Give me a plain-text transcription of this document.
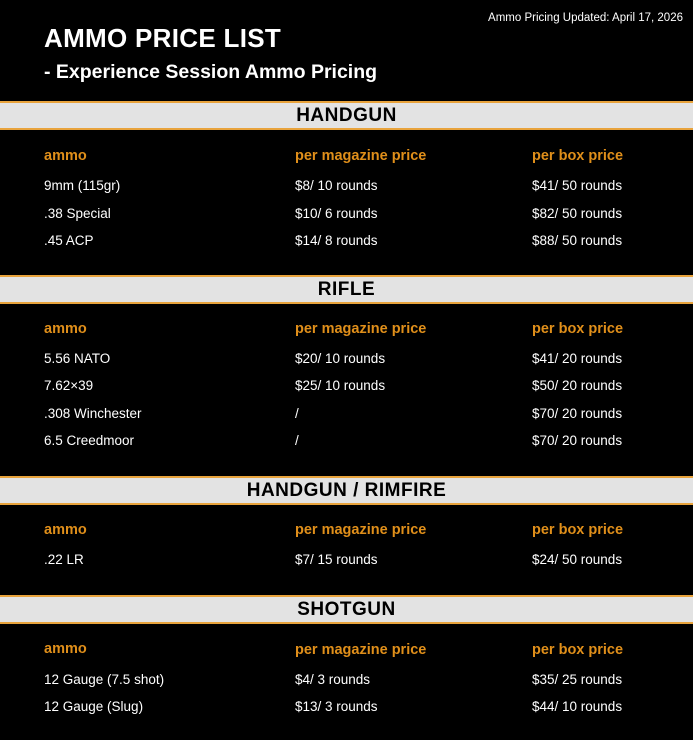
Ammo Pricing Updated: April 17, 2026
AMMO PRICE LIST
- Experience Session Ammo Pricing
HANDGUN
ammo	per magazine price	per box price
9mm (115gr)	$8/ 10 rounds	$41/ 50 rounds
.38 Special	$10/ 6 rounds	$82/ 50 rounds
.45 ACP	$14/ 8 rounds	$88/ 50 rounds
RIFLE
ammo	per magazine price	per box price
5.56 NATO	$20/ 10 rounds	$41/ 20 rounds
7.62×39	$25/ 10 rounds	$50/ 20 rounds
.308 Winchester	/	$70/ 20 rounds
6.5 Creedmoor	/	$70/ 20 rounds
HANDGUN / RIMFIRE
ammo	per magazine price	per box price
.22 LR	$7/ 15 rounds	$24/ 50 rounds
SHOTGUN
ammo	per magazine price	per box price
12 Gauge (7.5 shot)	$4/ 3 rounds	$35/ 25 rounds
12 Gauge (Slug)	$13/ 3 rounds	$44/ 10 rounds
